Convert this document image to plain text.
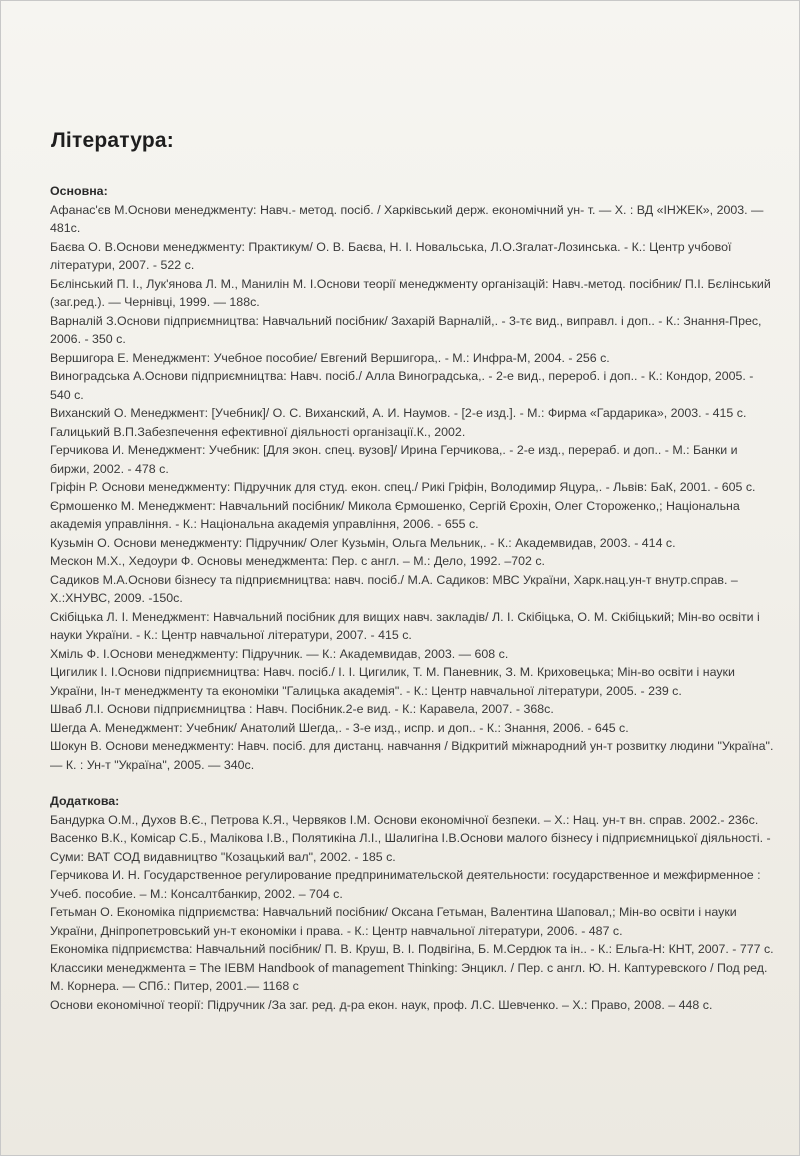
Література:
Основна:

Афанас'єв М.Основи менеджменту: Навч.- метод. посіб. / Харківський держ. економічний ун- т. — Х. : ВД «ІНЖЕК», 2003. — 481с.

Баєва О. В.Основи менеджменту: Практикум/ О. В. Баєва, Н. І. Новальська, Л.О.Згалат-Лозинська. - К.: Центр учбової літератури, 2007. - 522 с.

Бєлінський П. І., Лук'янова Л. М., Манилін М. І.Основи теорії менеджменту організацій: Навч.-метод. посібник/ П.І. Бєлінський (заг.ред.). — Чернівці, 1999. — 188с.

Варналій З.Основи підприємництва: Навчальний посібник/ Захарій Варналій,. - 3-тє вид., виправл. і доп.. - К.: Знання-Прес, 2006. - 350 с.

Вершигора Е. Менеджмент: Учебное пособие/ Евгений Вершигора,. - М.: Инфра-М, 2004. - 256 с.

Виноградська А.Основи підприємництва: Навч. посіб./ Алла Виноградська,. - 2-е вид., перероб. і доп.. - К.: Кондор, 2005. - 540 с.

Виханский О. Менеджмент: [Учебник]/ О. С. Виханский, А. И. Наумов. - [2-е изд.]. - М.: Фирма «Гардарика», 2003. - 415 с.

Галицький В.П.Забезпечення ефективної діяльності організації.К., 2002.

Герчикова И. Менеджмент: Учебник: [Для экон. спец. вузов]/ Ирина Герчикова,. - 2-е изд., перераб. и доп.. - М.: Банки и биржи, 2002. - 478 с.

Гріфін Р. Основи менеджменту: Підручник для студ. екон. спец./ Рикі Гріфін, Володимир Яцура,. - Львів: БаК, 2001. - 605 с.

Єрмошенко М. Менеджмент: Навчальний посібник/ Микола Єрмошенко, Сергій Єрохін, Олег Стороженко,; Національна академія управління. - К.: Національна академія управління, 2006. - 655 с.

Кузьмін О. Основи менеджменту: Підручник/ Олег Кузьмін, Ольга Мельник,. - К.: Академвидав, 2003. - 414 с.

Мескон М.Х., Хедоури Ф. Основы менеджмента: Пер. с англ. – М.: Дело, 1992. –702 с.

Садиков М.А.Основи бізнесу та підприємництва: навч. посіб./ М.А. Садиков: МВС України, Харк.нац.ун-т внутр.справ. –Х.:ХНУВС, 2009. -150с.

Скібіцька Л. І. Менеджмент: Навчальний посібник для вищих навч. закладів/ Л. І. Скібіцька, О. М. Скібіцький; Мін-во освіти і науки України. - К.: Центр навчальної літератури, 2007. - 415 с.

Хміль Ф. І.Основи менеджменту: Підручник. — К.: Академвидав, 2003. — 608 с.

Цигилик І. І.Основи підприємництва: Навч. посіб./ І. І. Цигилик, Т. М. Паневник, З. М. Криховецька; Мін-во освіти і науки України, Ін-т менеджменту та економіки "Галицька академія". - К.: Центр навчальної літератури, 2005. - 239 с.

Шваб Л.І. Основи підприємництва : Навч. Посібник.2-е вид. - К.: Каравела, 2007. - 368с.

Шегда А. Менеджмент: Учебник/ Анатолий Шегда,. - 3-е изд., испр. и доп.. - К.: Знання, 2006. - 645 с.

Шокун В. Основи менеджменту: Навч. посіб. для дистанц. навчання / Відкритий міжнародний ун-т розвитку людини "Україна". — К. : Ун-т "Україна", 2005. — 340с.

Додаткова:

Бандурка О.М., Духов В.Є., Петрова К.Я., Червяков І.М. Основи економічної безпеки. – Х.: Нац. ун-т вн. справ. 2002.- 236с.

Васенко В.К., Комісар С.Б., Малікова І.В., Полятикіна Л.І., Шалигіна І.В.Основи малого бізнесу і підприємницької діяльності. - Суми: ВАТ СОД видавництво "Козацький вал", 2002. - 185 с.

Герчикова И. Н. Государственное регулирование предпринимательской деятельности: государственное и межфирменное : Учеб. пособие. – М.: Консалтбанкир, 2002. – 704 с.

Гетьман О. Економіка підприємства: Навчальний посібник/ Оксана Гетьман, Валентина Шаповал,; Мін-во освіти і науки України, Дніпропетровський ун-т економіки і права. - К.: Центр навчальної літератури, 2006. - 487 с.

Економіка підприємства: Навчальний посібник/ П. В. Круш, В. І. Подвігіна, Б. М.Сердюк та ін.. - К.: Ельга-Н: КНТ, 2007. - 777 с.

Классики менеджмента = The IEBM Handbook of management Thinking: Энцикл. / Пер. с англ. Ю. Н. Каптуревского / Под ред. М. Корнера. — СПб.: Питер, 2001.— 1168 с

Основи економічної теорії: Підручник /За заг. ред. д-ра екон. наук, проф. Л.С. Шевченко. – Х.: Право, 2008. – 448 с.
